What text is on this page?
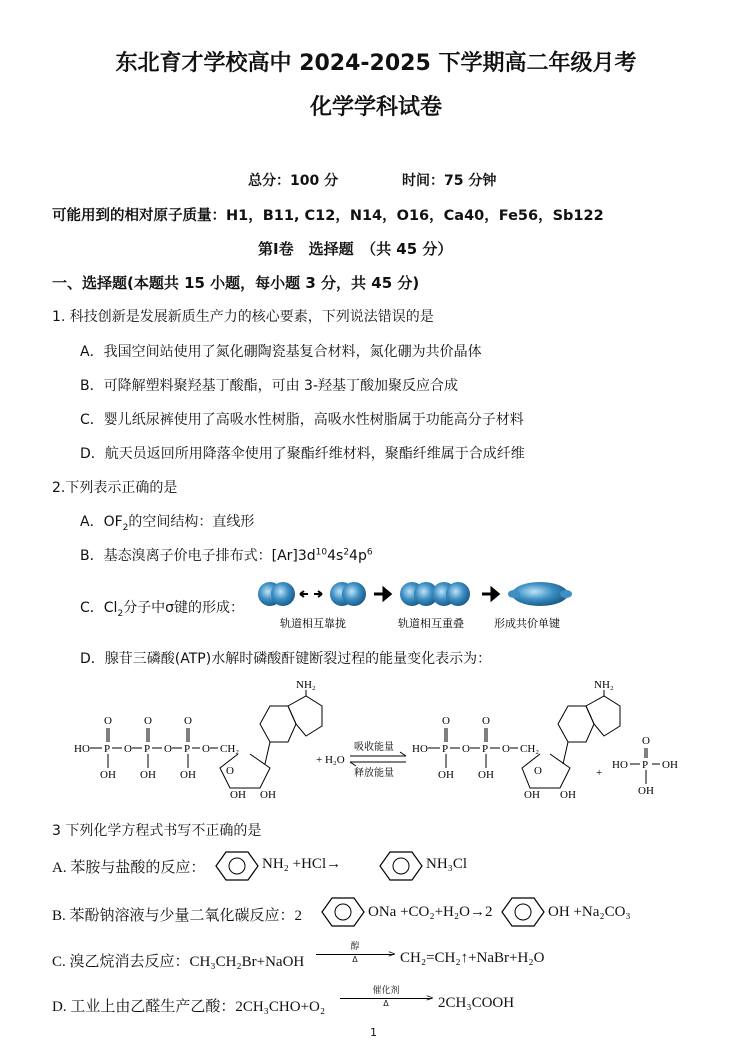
东北育才学校高中 2024-2025 下学期高二年级月考
化学学科试卷
总分：100 分	时间：75 分钟
可能用到的相对原子质量：H1，B11, C12，N14，O16，Ca40，Fe56，Sb122
第Ⅰ卷　选择题　（共 45 分）
一、选择题(本题共 15 小题，每小题 3 分，共 45 分)
1. 科技创新是发展新质生产力的核心要素，下列说法错误的是
A．我国空间站使用了氮化硼陶瓷基复合材料，氮化硼为共价晶体
B．可降解塑料聚羟基丁酸酯，可由 3-羟基丁酸加聚反应合成
C．婴儿纸尿裤使用了高吸水性树脂，高吸水性树脂属于功能高分子材料
D．航天员返回所用降落伞使用了聚酯纤维材料，聚酯纤维属于合成纤维
2.下列表示正确的是
A．$OF_2$的空间结构：直线形
B．基态溴离子价电子排布式：$[Ar]3d^{10}4s^24p^6$
C．$Cl_2$分子中σ键的形成：
轨道相互靠拢	轨道相互重叠	形成共价单键
D．腺苷三磷酸(ATP)水解时磷酸酐键断裂过程的能量变化表示为：
HO P	P	P
O	O	O
OH OH OH
O	O	O CH₂
O
OH OH
NH₂
+ H₂O
吸收能量
释放能量
HO P	P
O	O
OH OH
O	O CH₂
O
OH OH
NH₂
+
HO P
O
OH
OH
3 下列化学方程式书写不正确的是
A. 苯胺与盐酸的反应：	NH₂ +HCl→	NH₃Cl
B. 苯酚钠溶液与少量二氧化碳反应：2	ONa +CO₂+H₂O→2	OH +Na₂CO₃
C. 溴乙烷消去反应：CH₃CH₂Br+NaOH
醇
>
Δ	CH₂=CH₂↑+NaBr+H₂O
D. 工业上由乙醛生产乙酸：2CH₃CHO+O₂
催化剂
>
Δ	2CH₃COOH
1
